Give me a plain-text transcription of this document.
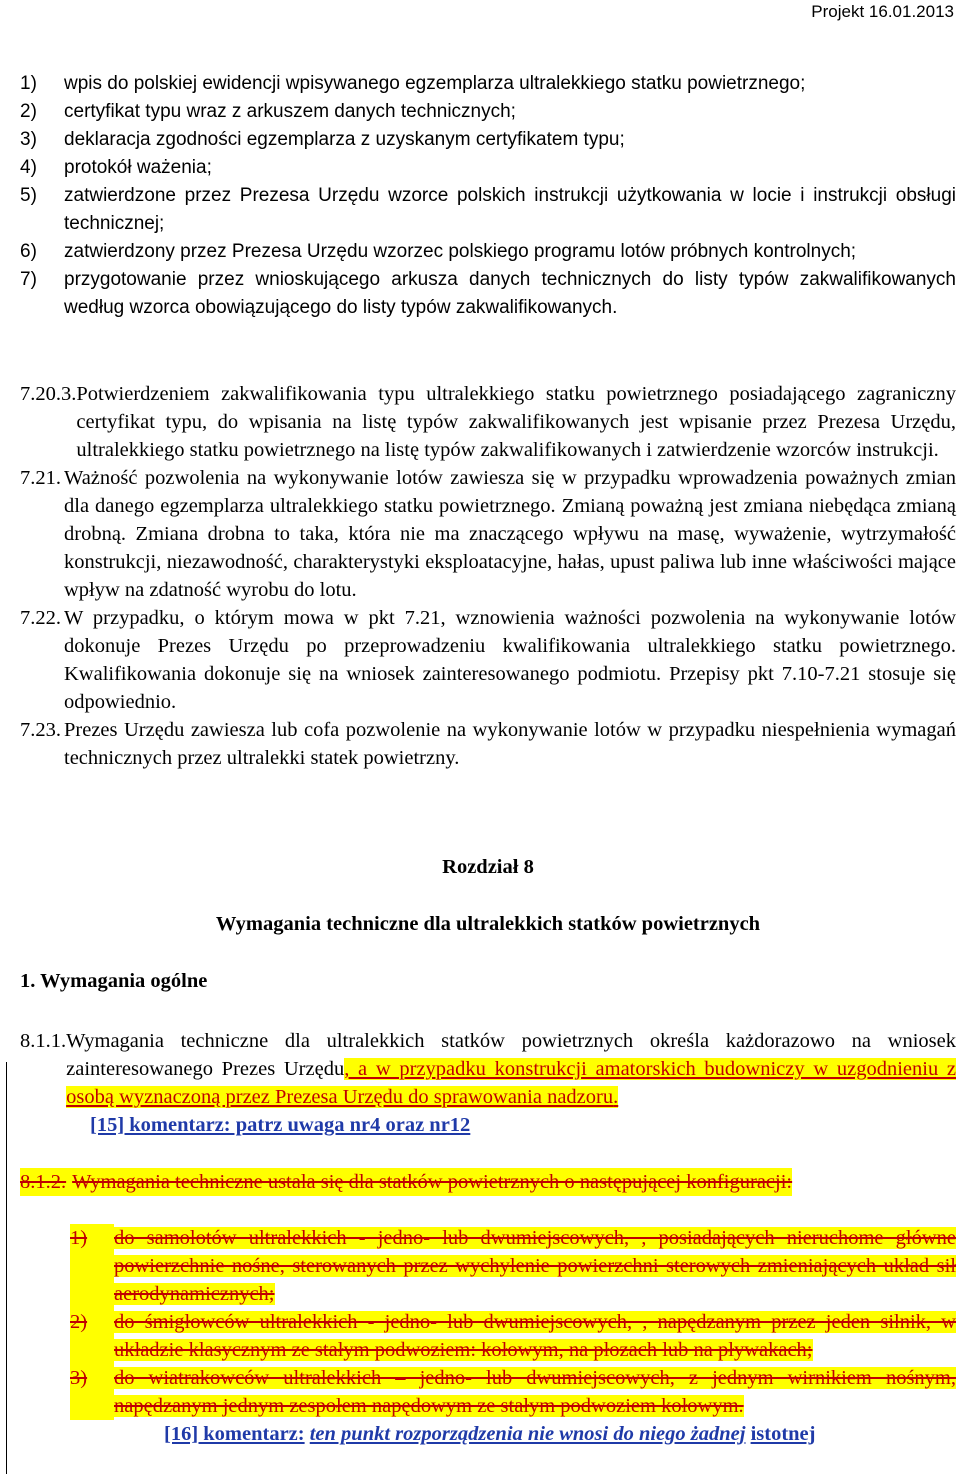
Projekt 16.01.2013
1)	wpis do polskiej ewidencji wpisywanego egzemplarza ultralekkiego statku powietrznego;
2)	certyfikat typu wraz z arkuszem danych technicznych;
3)	deklaracja zgodności egzemplarza z uzyskanym certyfikatem typu;
4)	protokół ważenia;
5)	zatwierdzone przez Prezesa Urzędu wzorce polskich instrukcji użytkowania w locie i instrukcji obsługi technicznej;
6)	zatwierdzony przez Prezesa Urzędu wzorzec polskiego programu lotów próbnych kontrolnych;
7)	przygotowanie przez wnioskującego arkusza danych technicznych do listy typów zakwalifikowanych według wzorca obowiązującego do listy typów zakwalifikowanych.
7.20.3. Potwierdzeniem zakwalifikowania typu ultralekkiego statku powietrznego posiadającego zagraniczny certyfikat typu, do wpisania na listę typów zakwalifikowanych jest wpisanie przez Prezesa Urzędu, ultralekkiego statku powietrznego na listę typów zakwalifikowanych i zatwierdzenie wzorców instrukcji.
7.21. Ważność pozwolenia na wykonywanie lotów zawiesza się w przypadku wprowadzenia poważnych zmian dla danego egzemplarza ultralekkiego statku powietrznego. Zmianą poważną jest zmiana niebędąca zmianą drobną. Zmiana drobna to taka, która nie ma znaczącego wpływu na masę, wyważenie, wytrzymałość konstrukcji, niezawodność, charakterystyki eksploatacyjne, hałas, upust paliwa lub inne właściwości mające wpływ na zdatność wyrobu do lotu.
7.22. W przypadku, o którym mowa w pkt 7.21, wznowienia ważności pozwolenia na wykonywanie lotów dokonuje Prezes Urzędu po przeprowadzeniu kwalifikowania ultralekkiego statku powietrznego. Kwalifikowania dokonuje się na wniosek zainteresowanego podmiotu. Przepisy pkt 7.10-7.21 stosuje się odpowiednio.
7.23. Prezes Urzędu zawiesza lub cofa pozwolenie na wykonywanie lotów w przypadku niespełnienia wymagań technicznych przez ultralekki statek powietrzny.
Rozdział 8
Wymagania techniczne dla ultralekkich statków powietrznych
1. Wymagania ogólne
8.1.1. Wymagania techniczne dla ultralekkich statków powietrznych określa każdorazowo na wniosek zainteresowanego Prezes Urzędu, a w przypadku konstrukcji amatorskich budowniczy w uzgodnieniu z osobą wyznaczoną przez Prezesa Urzędu do sprawowania nadzoru.
[15] komentarz: patrz uwaga nr4 oraz nr12
8.1.2. Wymagania techniczne ustala się dla statków powietrznych o następującej konfiguracji:
1)	do samolotów ultralekkich - jedno- lub dwumiejscowych, , posiadających nieruchome główne powierzchnie nośne, sterowanych przez wychylenie powierzchni sterowych zmieniających układ sił aerodynamicznych;
2)	do śmigłowców ultralekkich - jedno- lub dwumiejscowych, , napędzanym przez jeden silnik, w układzie klasycznym ze stałym podwoziem: kołowym, na płozach lub na pływakach;
3)	do wiatrakowców ultralekkich – jedno- lub dwumiejscowych, z jednym wirnikiem nośnym, napędzanym jednym zespołem napędowym ze stałym podwoziem kołowym.
[16] komentarz: ten punkt rozporządzenia nie wnosi do niego żadnej istotnej
